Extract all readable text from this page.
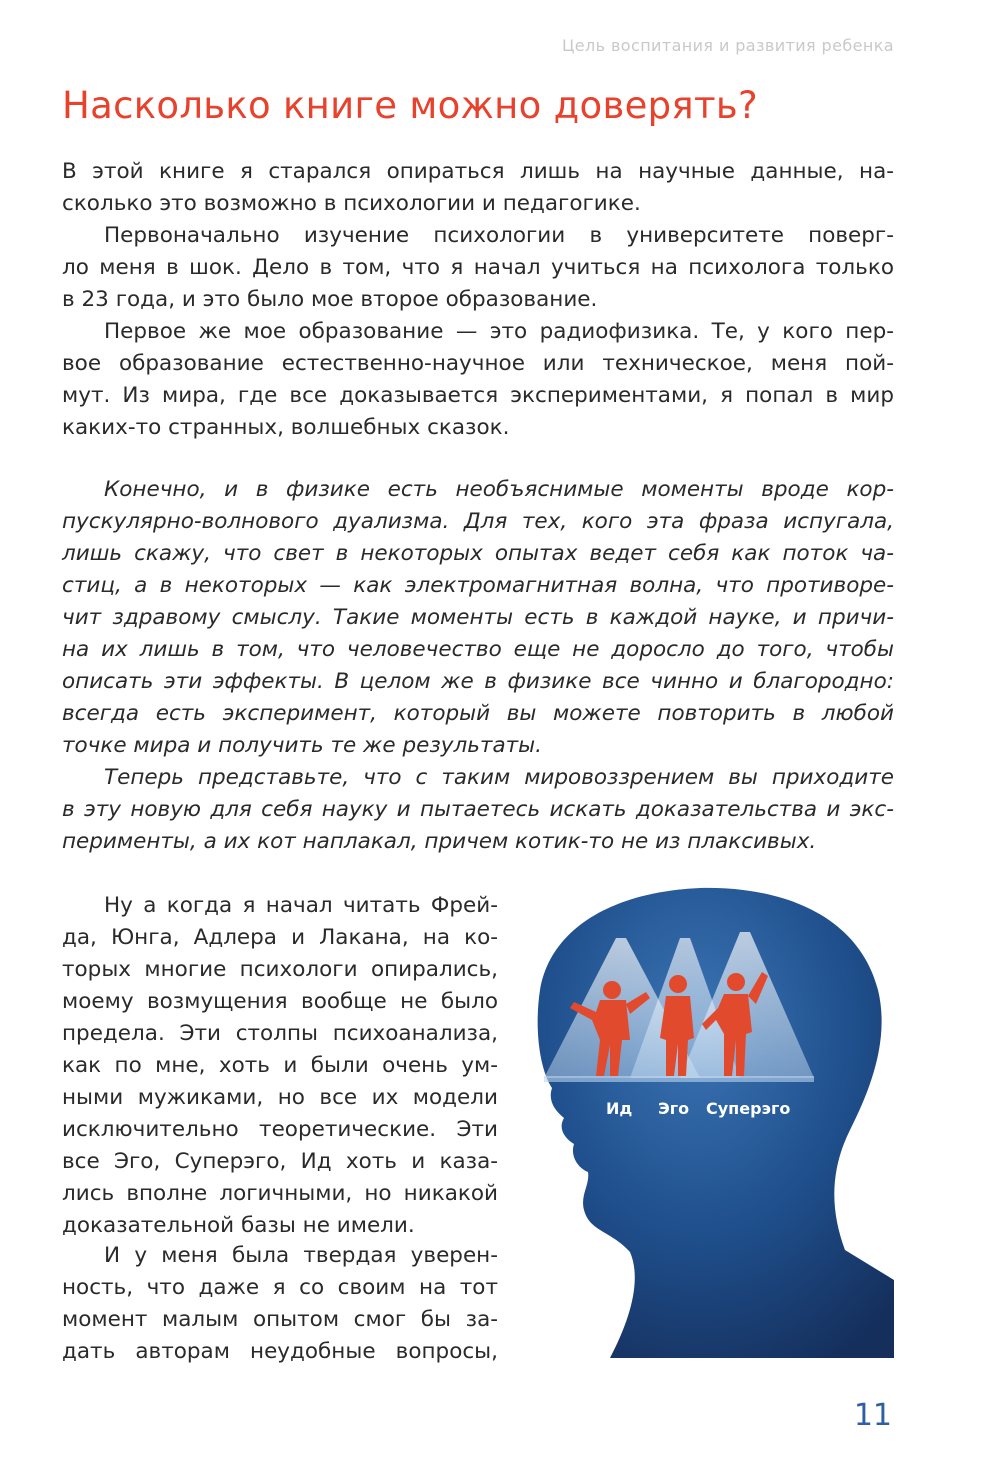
Цель воспитания и развития ребенка
Насколько книге можно доверять?
В этой книге я старался опираться лишь на научные данные, на-
сколько это возможно в психологии и педагогике.
Первоначально изучение психологии в университете поверг-
ло меня в шок. Дело в том, что я начал учиться на психолога только
в 23 года, и это было мое второе образование.
Первое же мое образование — это радиофизика. Те, у кого пер-
вое образование естественно-научное или техническое, меня пой-
мут. Из мира, где все доказывается экспериментами, я попал в мир
каких-то странных, волшебных сказок.
Конечно, и в физике есть необъяснимые моменты вроде кор-
пускулярно-волнового дуализма. Для тех, кого эта фраза испугала,
лишь скажу, что свет в некоторых опытах ведет себя как поток ча-
стиц, а в некоторых — как электромагнитная волна, что противоре-
чит здравому смыслу. Такие моменты есть в каждой науке, и причи-
на их лишь в том, что человечество еще не доросло до того, чтобы
описать эти эффекты. В целом же в физике все чинно и благородно:
всегда есть эксперимент, который вы можете повторить в любой
точке мира и получить те же результаты.
Теперь представьте, что с таким мировоззрением вы приходите
в эту новую для себя науку и пытаетесь искать доказательства и экс-
перименты, а их кот наплакал, причем котик-то не из плаксивых.
Ну а когда я начал читать Фрей-
да, Юнга, Адлера и Лакана, на ко-
торых многие психологи опирались,
моему возмущения вообще не было
предела. Эти столпы психоанализа,
как по мне, хоть и были очень ум-
ными мужиками, но все их модели
исключительно теоретические. Эти
все Эго, Суперэго, Ид хоть и каза-
лись вполне логичными, но никакой
доказательной базы не имели.
И у меня была твердая уверен-
ность, что даже я со своим на тот
момент малым опытом смог бы за-
дать авторам неудобные вопросы,
Ид Эго Суперэго
11
